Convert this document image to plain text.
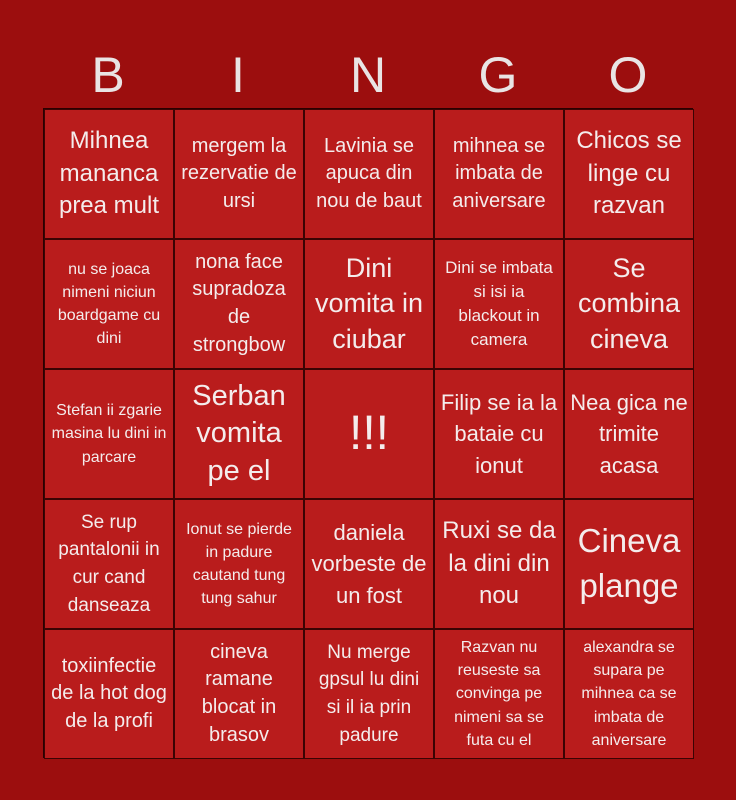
B	I	N	G	O
Mihnea mananca prea mult
mergem la rezervatie de ursi
Lavinia se apuca din nou de baut
mihnea se imbata de aniversare
Chicos se linge cu razvan
nu se joaca nimeni niciun boardgame cu dini
nona face supradoza de strongbow
Dini vomita in ciubar
Dini se imbata si isi ia blackout in camera
Se combina cineva
Stefan ii zgarie masina lu dini in parcare
Serban vomita pe el
!!!
Filip se ia la bataie cu ionut
Nea gica ne trimite acasa
Se rup pantalonii in cur cand danseaza
Ionut se pierde in padure cautand tung tung sahur
daniela vorbeste de un fost
Ruxi se da la dini din nou
Cineva plange
toxiinfectie de la hot dog de la profi
cineva ramane blocat in brasov
Nu merge gpsul lu dini si il ia prin padure
Razvan nu reuseste sa convinga pe nimeni sa se futa cu el
alexandra se supara pe mihnea ca se imbata de aniversare
